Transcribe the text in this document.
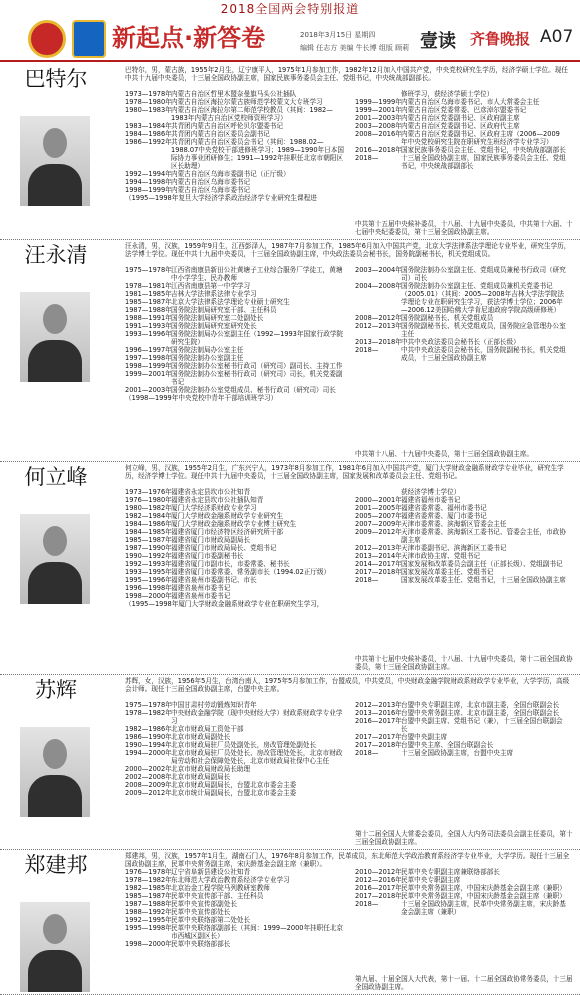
2018全国两会特别报道
新起点·新答卷	2018年3月15日 星期四
编辑 任志方 美编 牛长博 组版 顾莉 壹读 齐鲁晚报 A07
巴特尔	巴特尔，男，蒙古族，1955年2月生，辽宁康平人，1975年1月参加工作，1982年12月加入中国共产党，中央党校研究生学历，经济学硕士学位。现任中共十九届中央委员，十三届全国政协副主席，国家民族事务委员会主任、党组书记，中央统战部副部长。
1973—1978年内蒙古自治区哲里木盟奈曼旗马头公社插队
1978—1980年内蒙古自治区海拉尔蒙古族师范学校蒙文大专班学习
1980—1983年内蒙古自治区海拉尔第二师范学校教员（其间：1982—1983年内蒙古自治区党校师资班学习）
1983—1984年共青团内蒙古自治区呼伦贝尔盟委书记
1984—1986年共青团内蒙古自治区委员会副书记
1986—1992年共青团内蒙古自治区委员会书记（其间：1988.02—1988.07中央党校干部进修班学习；1989—1990年日本国际协力事业团研修生；1991—1992年挂职任北京市朝阳区区长助理）
1992—1994年内蒙古自治区乌海市委副书记（正厅级）
1994—1998年内蒙古自治区乌海市委书记
1998—1999年内蒙古自治区乌海市委书记
（1995—1998年复旦大学经济学系政治经济学专业研究生课程进
修班学习，获经济学硕士学位）
1999—1999年内蒙古自治区乌海市委书记、市人大常委会主任
1999—2001年内蒙古自治区党委常委、巴彦淖尔盟委书记
2001—2003年内蒙古自治区党委副书记、区政府副主席
2003—2008年内蒙古自治区党委副书记、区政府代主席
2008—2016年内蒙古自治区党委副书记、区政府主席（2006—2009年中央党校研究生院在职研究生班经济学专业学习）
2016—2018年国家民族事务委员会主任、党组书记，中央统战部副部长
2018—	十三届全国政协副主席，国家民族事务委员会主任、党组书记，中央统战部副部长
中共第十五届中央候补委员，十八届、十九届中央委员，中共第十六届、十七届中央纪委委员，第十三届全国政协副主席。
汪永清	汪永清，男，汉族，1959年9月生，江西彭泽人，1987年7月参加工作，1985年6月加入中国共产党，北京大学法律系法学理论专业毕业，研究生学历，法学博士学位。现任中共十九届中央委员，十三届全国政协副主席，中央政法委员会秘书长，国务院副秘书长，机关党组成员。
1975—1978年江西省南康县新田公社黄塘子工业综合服务厂学徒工，黄塘中小学学生、民办教师
1978—1981年江西省南康县第一中学学习
1981—1985年吉林大学法律系法律专业学习
1985—1987年北京大学法律系法学理论专业硕士研究生
1987—1988年国务院法制局研究室干部、主任科员
1988—1991年国务院法制局研究室二处副处长
1991—1993年国务院法制局研究室研究处长
1993—1996年国务院法制局办公室副主任（1992—1993年国家行政学院研究生院）
1996—1997年国务院法制局办公室主任
1997—1998年国务院法制办公室副主任
1998—1999年国务院法制办公室秘书行政司（研究司）副司长、主持工作
1999—2001年国务院法制办公室秘书行政司（研究司）司长，机关党委副书记
2001—2003年国务院法制办公室党组成员、秘书行政司（研究司）司长
（1998—1999年中央党校中青年干部培训班学习）
2003—2004年国务院法制办公室副主任、党组成员兼秘书行政司（研究司）司长
2004—2008年国务院法制办公室副主任、党组成员兼机关党委书记（2005.01）（其间：2005—2008年吉林大学法学院法学理论专业在职研究生学习，获法学博士学位；2006年—2006.12美国哈佛大学肯尼迪政府学院高级研修班）
2008—2012年国务院副秘书长、机关党组成员
2012—2013年国务院副秘书长、机关党组成员，国务院应急管理办公室主任
2013—2018年中共中央政法委员会秘书长（正部长级）
2018—	中共中央政法委员会秘书长，国务院副秘书长，机关党组成员，十三届全国政协副主席
中共第十八届、十九届中央委员，第十三届全国政协副主席。
何立峰	何立峰，男，汉族，1955年2月生，广东兴宁人，1973年8月参加工作，1981年6月加入中国共产党，厦门大学财政金融系财政学专业毕业，研究生学历，经济学博士学位。现任中共十九届中央委员，十三届全国政协副主席，国家发展和改革委员会主任、党组书记。
1973—1976年福建省永定县坎市公社知青
1976—1980年福建省永定县坎市公社插队知青
1980—1982年厦门大学经济系财政专业学习
1982—1984年厦门大学财政金融系财政学专业研究生
1984—1986年厦门大学财政金融系财政学专业博士研究生
1984—1985年福建省厦门市经济特区经济研究所干部
1985—1987年福建省厦门市财政局副局长
1987—1990年福建省厦门市财政局局长、党组书记
1990—1992年福建省厦门市委副秘书长
1992—1993年福建省厦门市副市长，市委常委、秘书长
1993—1995年福建省厦门市委常委、常务副市长（1994.02正厅级）
1995—1996年福建省泉州市委副书记、市长
1996—1998年福建省泉州市委书记
1998—2000年福建省泉州市委书记
（1995—1998年厦门大学财政金融系财政学专业在职研究生学习，
获经济学博士学位）
2000—2001年福建省福州市委书记
2001—2005年福建省委常委、福州市委书记
2005—2007年福建省委常委、厦门市委书记
2007—2009年天津市委常委、滨海新区管委会主任
2009—2012年天津市委常委、滨海新区工委书记、管委会主任，市政协副主席
2012—2013年天津市委副书记、滨海新区工委书记
2013—2014年天津市政协主席、党组书记
2014—2017年国家发展和改革委员会副主任（正部长级）、党组副书记
2017—2018年国家发展改革委主任、党组书记
2018—	国家发展改革委主任、党组书记，十三届全国政协副主席
中共第十七届中央候补委员，十八届、十九届中央委员，第十二届全国政协委员，第十三届全国政协副主席。
苏辉	苏辉，女，汉族，1956年5月生，台湾台南人，1975年5月参加工作，台盟成员，中共党员，中央财政金融学院财政系财政学专业毕业，大学学历，高级会计师。现任十三届全国政协副主席，台盟中央主席。
1975—1978年中国甘肃村劳动锻炼知识青年
1978—1982年中央财政金融学院（现中央财经大学）财政系财政学专业学习
1982—1986年北京市财政局工资处干部
1986—1990年北京市财政局副处长
1990—1994年北京市财政局驻厂员处副处长，房改管理处副处长
1994—2000年北京市财政局驻厂员处处长、房改管理处处长，北京市财政局劳动和社会保障处处长，北京市财政局社保中心主任
2000—2002年北京市财政局财政局长助理
2002—2008年北京市财政局副局长
2008—2009年北京市财政局副局长，台盟北京市委会主委
2009—2012年北京市统计局副局长，台盟北京市委会主委
2012—2013年台盟中央专职副主席，北京市副主委，全国台联副会长
2013—2016年台盟中央常务副主席、北京市副主委，全国台联副会长
2016—2017年台盟中央副主席、党组书记（兼），十三届全国台联副会长
2017—2017年台盟中央副主席
2017—2018年台盟中央主席、全国台联副会长
2018—	十三届全国政协副主席，台盟中央主席
第十二届全国人大常委会委员，全国人大内务司法委员会副主任委员，第十三届全国政协副主席。
郑建邦	郑建邦，男，汉族，1957年1月生，湖南石门人，1976年8月参加工作，民革成员，东北师范大学政治教育系经济学专业毕业，大学学历。现任十三届全国政协副主席，民革中央常务副主席，宋庆龄基金会副主席（兼职）。
1976—1978年辽宁省阜新县建设公社知青
1978—1982年东北师范大学政治教育系经济学专业学习
1982—1985年北京冶金工程学院马列教研室教师
1985—1987年民革中央宣传部干部、主任科员
1987—1988年民革中央宣传部副处长
1988—1992年民革中央宣传部处长
1992—1995年民革中央联络部第二处处长
1995—1998年民革中央联络部副部长（其间：1999—2000年挂职任北京市西城区副区长）
1998—2000年民革中央联络部部长
2010—2012年民革中央专职副主席兼联络部部长
2012—2016年民革中央专职副主席
2016—2017年民革中央常务副主席，中国宋庆龄基金会副主席（兼职）
2017—2018年民革中央常务副主席，中国宋庆龄基金会副主席（兼职）
2018—	十三届全国政协副主席，民革中央常务副主席，宋庆龄基金会副主席（兼职）
第九届、十届全国人大代表，第十一届、十二届全国政协常务委员，十三届全国政协副主席。
